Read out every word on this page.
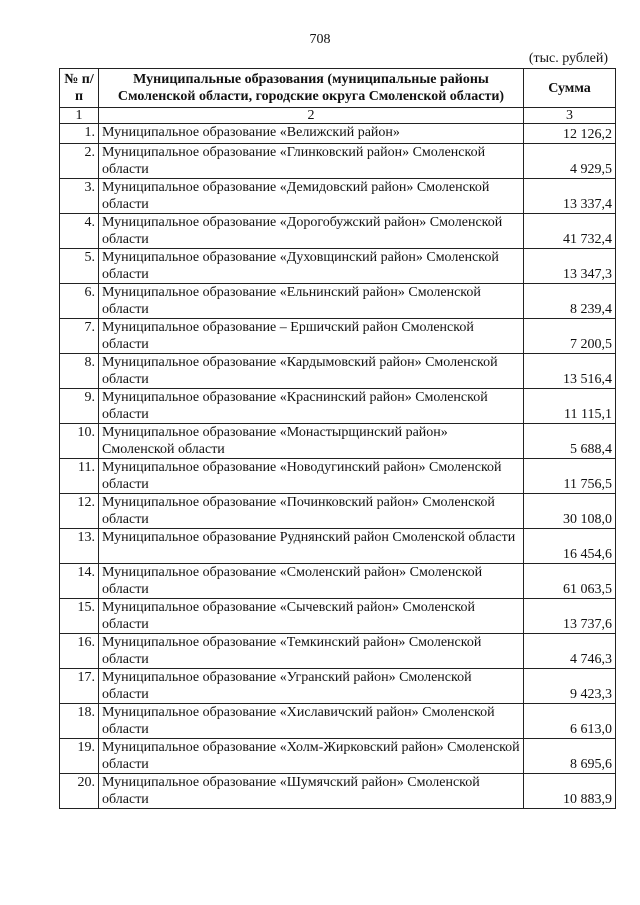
708
(тыс. рублей)
№ п/п	Муниципальные образования (муниципальные районы Смоленской области, городские округа Смоленской области)	Сумма
1	2	3
1.	Муниципальное образование «Велижский район»	12 126,2
2.	Муниципальное образование «Глинковский район» Смоленской области	4 929,5
3.	Муниципальное образование «Демидовский район» Смоленской области	13 337,4
4.	Муниципальное образование «Дорогобужский район» Смоленской области	41 732,4
5.	Муниципальное образование «Духовщинский район» Смоленской области	13 347,3
6.	Муниципальное образование «Ельнинский район» Смоленской области	8 239,4
7.	Муниципальное образование – Ершичский район Смоленской области	7 200,5
8.	Муниципальное образование «Кардымовский район» Смоленской области	13 516,4
9.	Муниципальное образование «Краснинский район» Смоленской области	11 115,1
10.	Муниципальное образование «Монастырщинский район» Смоленской области	5 688,4
11.	Муниципальное образование «Новодугинский район» Смоленской области	11 756,5
12.	Муниципальное образование «Починковский район» Смоленской области	30 108,0
13.	Муниципальное образование Руднянский район Смоленской области	16 454,6
14.	Муниципальное образование «Смоленский район» Смоленской области	61 063,5
15.	Муниципальное образование «Сычевский район» Смоленской области	13 737,6
16.	Муниципальное образование «Темкинский район» Смоленской области	4 746,3
17.	Муниципальное образование «Угранский район» Смоленской области	9 423,3
18.	Муниципальное образование «Хиславичский район» Смоленской области	6 613,0
19.	Муниципальное образование «Холм-Жирковский район» Смоленской области	8 695,6
20.	Муниципальное образование «Шумячский район» Смоленской области	10 883,9
